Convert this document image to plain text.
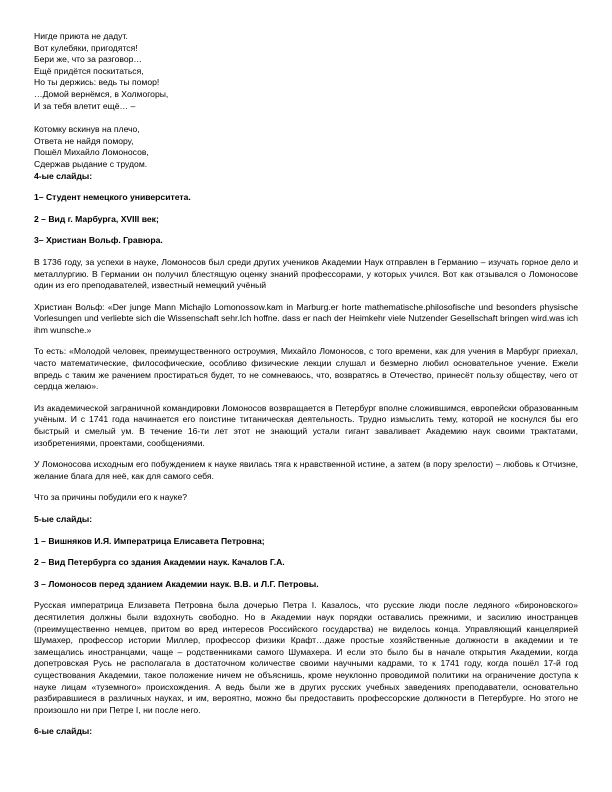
Нигде приюта не дадут.
Вот кулебяки, пригодятся!
Бери же, что за разговор…
Ещё придётся поскитаться,
Но ты держись: ведь ты помор!
…Домой вернёмся, в Холмогоры,
И за тебя влетит ещё… –
Котомку вскинув на плечо,
Ответа не найдя помору,
Пошёл Михайло Ломоносов,
Сдержав рыдание с трудом.

4-ые слайды:

1– Студент немецкого университета.

2 – Вид г. Марбурга, XVIII век;

3– Христиан Вольф. Гравюра.

В 1736 году, за успехи в науке, Ломоносов был среди других учеников Академии Наук отправлен в Германию – изучать горное дело и металлургию. В Германии он получил блестящую оценку знаний профессорами, у которых учился. Вот как отзывался о Ломоносове один из его преподавателей, известный немецкий учёный

Христиан Вольф: «Der junge Mann Michajlo Lomonossow.kam in Marburg.er horte mathematische.philosofische und besonders physische Vorlesungen und verliebte sich die Wissenschaft sehr.Ich hoffne. dass er nach der Heimkehr viele Nutzender Gesellschaft bringen wird.was ich ihm wunsche.»

То есть: «Молодой человек, преимущественного остроумия, Михайло Ломоносов, с того времени, как для учения в Марбург приехал, часто математические, философические, особливо физические лекции слушал и безмерно любил основательное учение. Ежели впредь с таким же рачением простираться будет, то не сомневаюсь, что, возвратясь в Отечество, принесёт пользу обществу, чего от сердца желаю».

Из академической заграничной командировки Ломоносов возвращается в Петербург вполне сложившимся, европейски образованным учёным. И с 1741 года начинается его поистине титаническая деятельность. Трудно измыслить тему, которой не коснулся бы его быстрый и смелый ум. В течение 16-ти лет этот не знающий устали гигант заваливает Академию наук своими трактатами, изобретениями, проектами, сообщениями.

У Ломоносова исходным его побуждением к науке явилась тяга к нравственной истине, а затем (в пору зрелости) – любовь к Отчизне, желание блага для неё, как для самого себя.

Что за причины побудили его к науке?

5-ые слайды:

1 – Вишняков И.Я. Императрица Елисавета Петровна;

2 – Вид Петербурга со здания Академии наук. Качалов Г.А.

3 – Ломоносов перед зданием Академии наук. В.В. и Л.Г. Петровы.

Русская императрица Елизавета Петровна была дочерью Петра I. Казалось, что русские люди после ледяного «бироновского» десятилетия должны были вздохнуть свободно. Но в Академии наук порядки оставались прежними, и засилию иностранцев (преимущественно немцев, притом во вред интересов Российского государства) не виделось конца. Управляющий канцелярией Шумахер, профессор истории Миллер, профессор физики Крафт…даже простые хозяйственные должности в академии и те замещались иностранцами, чаще – родственниками самого Шумахера. И если это было бы в начале открытия Академии, когда допетровская Русь не располагала в достаточном количестве своими научными кадрами, то к 1741 году, когда пошёл 17-й год существования Академии, такое положение ничем не объяснишь, кроме неуклонно проводимой политики на ограничение доступа к науке лицам «туземного» происхождения. А ведь были же в других русских учебных заведениях преподаватели, основательно разбиравшиеся в различных науках, и им, вероятно, можно бы предоставить профессорские должности в Петербурге. Но этого не произошло ни при Петре I, ни после него.

6-ые слайды:
